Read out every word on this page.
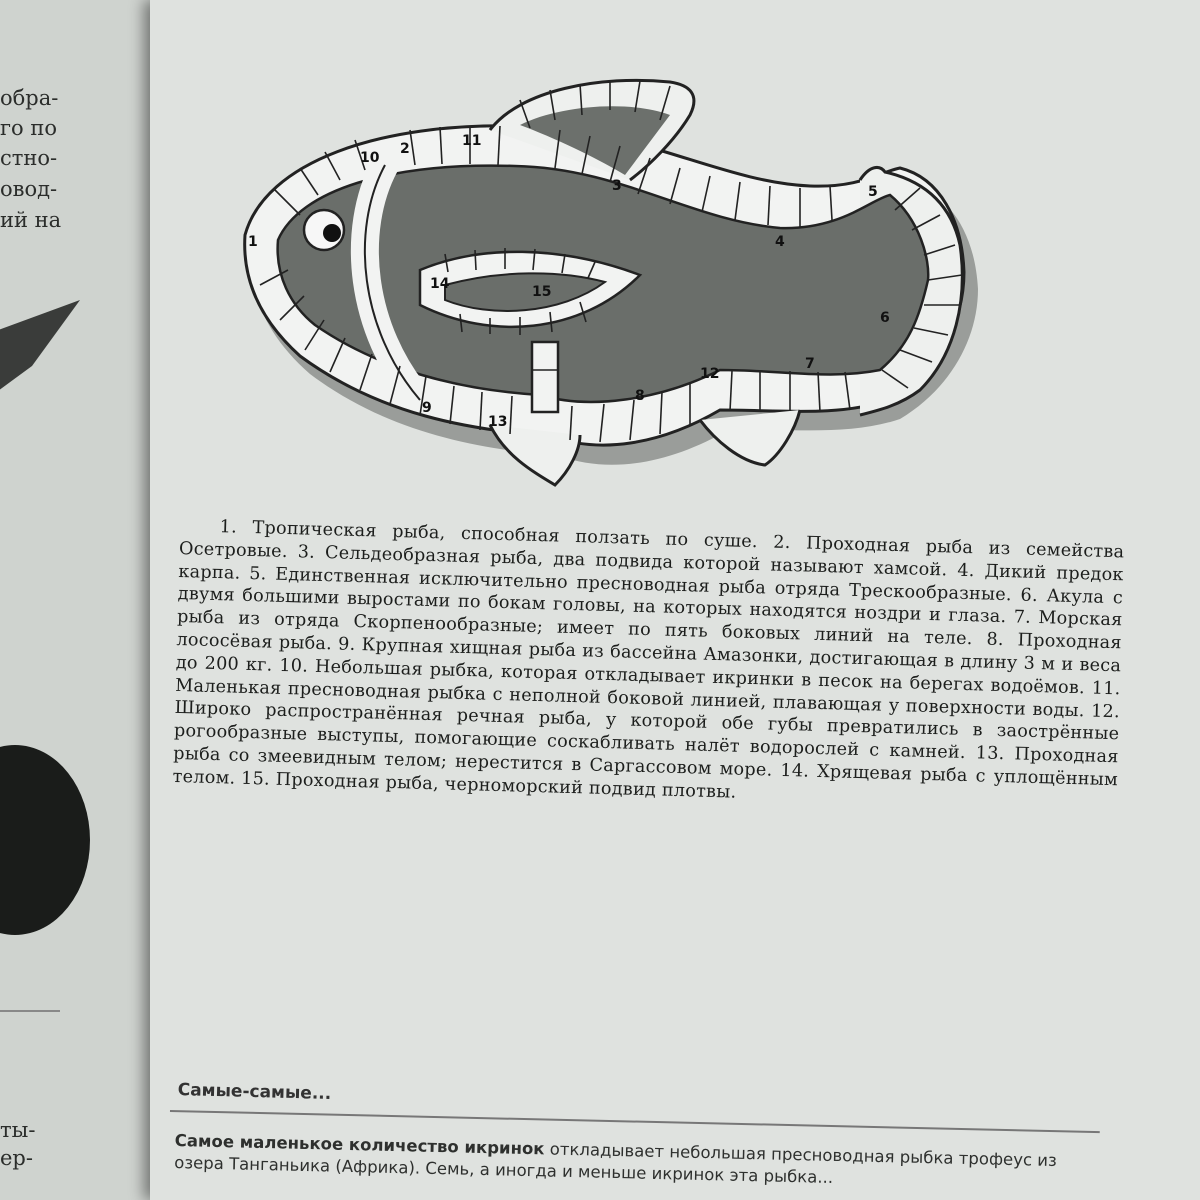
обра-
го по
стно-
овод-
ий на
ты-
ер-
1
2
3
4
5
6
7
8
9
10
11
12
13
14	15
1. Тропическая рыба, способная ползать по суше. 2. Проходная рыба из семейства Осетровые. 3. Сельдеобразная рыба, два подвида которой называют хамсой. 4. Дикий предок карпа. 5. Единственная исключительно пресноводная рыба отряда Трескообразные. 6. Акула с двумя большими выростами по бокам головы, на которых находятся ноздри и глаза. 7. Морская рыба из отряда Скорпенообразные; имеет по пять боковых линий на теле. 8. Проходная лососёвая рыба. 9. Крупная хищная рыба из бассейна Амазонки, достигающая в длину 3 м и веса до 200 кг. 10. Небольшая рыбка, которая откладывает икринки в песок на берегах водоёмов. 11. Маленькая пресноводная рыбка с неполной боковой линией, плавающая у поверхности воды. 12. Широко распространённая речная рыба, у которой обе губы превратились в заострённые рогообразные выступы, помогающие соскабливать налёт водорослей с камней. 13. Проходная рыба со змеевидным телом; нерестится в Саргассовом море. 14. Хрящевая рыба с уплощённым телом. 15. Проходная рыба, черноморский подвид плотвы.
Самые-самые...
Самое маленькое количество икринок откладывает небольшая пресноводная рыбка трофеус из озера Танганьика (Африка). Семь, а иногда и меньше икринок эта рыбка...
